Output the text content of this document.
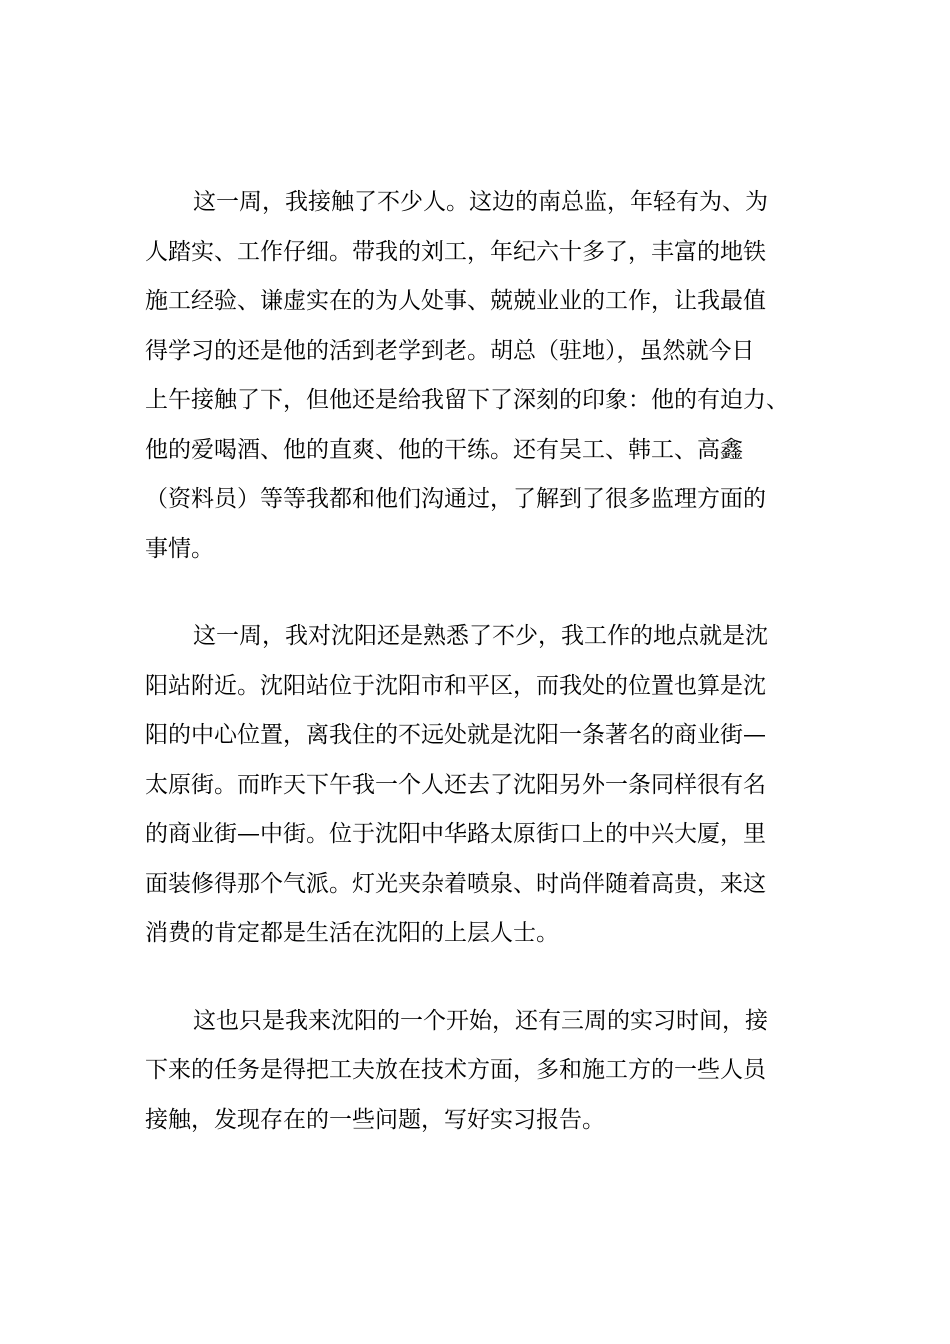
这一周，我接触了不少人。这边的南总监，年轻有为、为
人踏实、工作仔细。带我的刘工，年纪六十多了，丰富的地铁
施工经验、谦虚实在的为人处事、兢兢业业的工作，让我最值
得学习的还是他的活到老学到老。胡总（驻地），虽然就今日
上午接触了下，但他还是给我留下了深刻的印象：他的有迫力、
他的爱喝酒、他的直爽、他的干练。还有吴工、韩工、高鑫
（资料员）等等我都和他们沟通过，了解到了很多监理方面的
事情。

这一周，我对沈阳还是熟悉了不少，我工作的地点就是沈
阳站附近。沈阳站位于沈阳市和平区，而我处的位置也算是沈
阳的中心位置，离我住的不远处就是沈阳一条著名的商业街—
太原街。而昨天下午我一个人还去了沈阳另外一条同样很有名
的商业街—中街。位于沈阳中华路太原街口上的中兴大厦，里
面装修得那个气派。灯光夹杂着喷泉、时尚伴随着高贵，来这
消费的肯定都是生活在沈阳的上层人士。

这也只是我来沈阳的一个开始，还有三周的实习时间，接
下来的任务是得把工夫放在技术方面，多和施工方的一些人员
接触，发现存在的一些问题，写好实习报告。
